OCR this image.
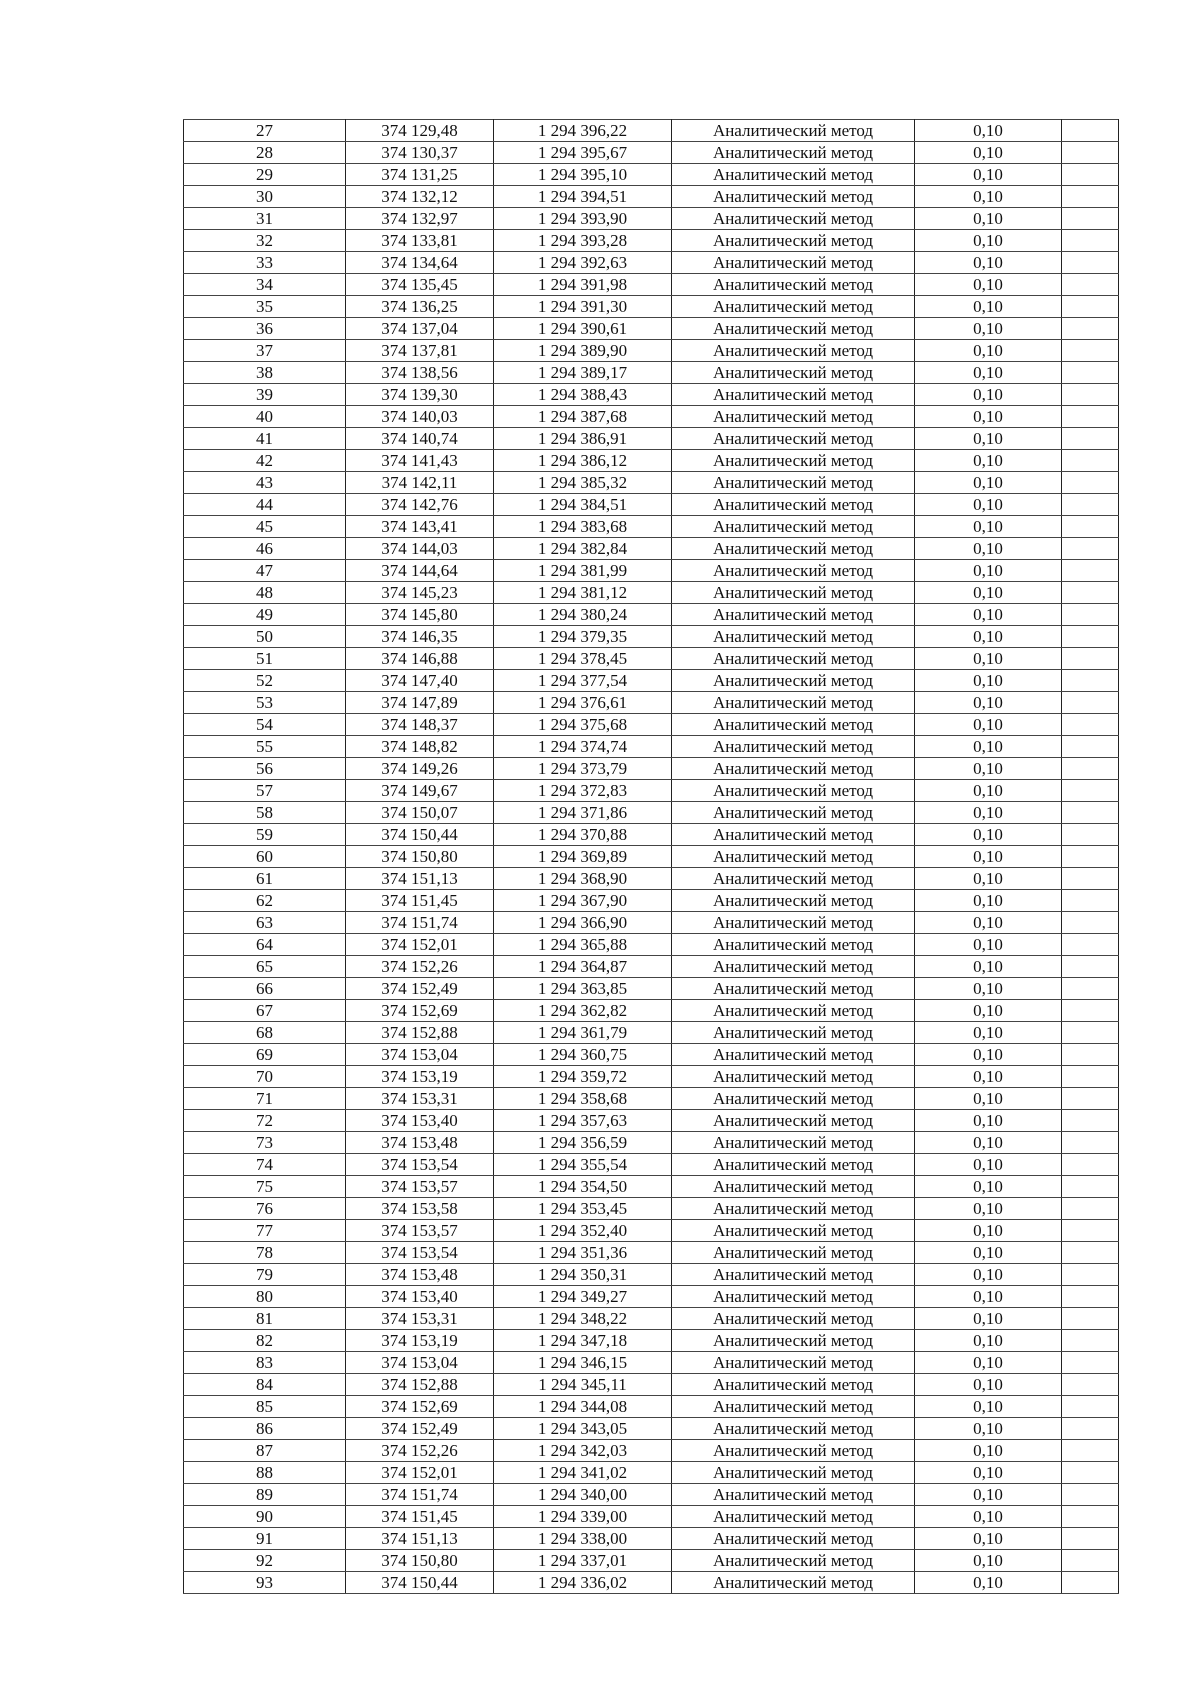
27	374 129,48	1 294 396,22	Аналитический метод	0,10	
28	374 130,37	1 294 395,67	Аналитический метод	0,10	
29	374 131,25	1 294 395,10	Аналитический метод	0,10	
30	374 132,12	1 294 394,51	Аналитический метод	0,10	
31	374 132,97	1 294 393,90	Аналитический метод	0,10	
32	374 133,81	1 294 393,28	Аналитический метод	0,10	
33	374 134,64	1 294 392,63	Аналитический метод	0,10	
34	374 135,45	1 294 391,98	Аналитический метод	0,10	
35	374 136,25	1 294 391,30	Аналитический метод	0,10	
36	374 137,04	1 294 390,61	Аналитический метод	0,10	
37	374 137,81	1 294 389,90	Аналитический метод	0,10	
38	374 138,56	1 294 389,17	Аналитический метод	0,10	
39	374 139,30	1 294 388,43	Аналитический метод	0,10	
40	374 140,03	1 294 387,68	Аналитический метод	0,10	
41	374 140,74	1 294 386,91	Аналитический метод	0,10	
42	374 141,43	1 294 386,12	Аналитический метод	0,10	
43	374 142,11	1 294 385,32	Аналитический метод	0,10	
44	374 142,76	1 294 384,51	Аналитический метод	0,10	
45	374 143,41	1 294 383,68	Аналитический метод	0,10	
46	374 144,03	1 294 382,84	Аналитический метод	0,10	
47	374 144,64	1 294 381,99	Аналитический метод	0,10	
48	374 145,23	1 294 381,12	Аналитический метод	0,10	
49	374 145,80	1 294 380,24	Аналитический метод	0,10	
50	374 146,35	1 294 379,35	Аналитический метод	0,10	
51	374 146,88	1 294 378,45	Аналитический метод	0,10	
52	374 147,40	1 294 377,54	Аналитический метод	0,10	
53	374 147,89	1 294 376,61	Аналитический метод	0,10	
54	374 148,37	1 294 375,68	Аналитический метод	0,10	
55	374 148,82	1 294 374,74	Аналитический метод	0,10	
56	374 149,26	1 294 373,79	Аналитический метод	0,10	
57	374 149,67	1 294 372,83	Аналитический метод	0,10	
58	374 150,07	1 294 371,86	Аналитический метод	0,10	
59	374 150,44	1 294 370,88	Аналитический метод	0,10	
60	374 150,80	1 294 369,89	Аналитический метод	0,10	
61	374 151,13	1 294 368,90	Аналитический метод	0,10	
62	374 151,45	1 294 367,90	Аналитический метод	0,10	
63	374 151,74	1 294 366,90	Аналитический метод	0,10	
64	374 152,01	1 294 365,88	Аналитический метод	0,10	
65	374 152,26	1 294 364,87	Аналитический метод	0,10	
66	374 152,49	1 294 363,85	Аналитический метод	0,10	
67	374 152,69	1 294 362,82	Аналитический метод	0,10	
68	374 152,88	1 294 361,79	Аналитический метод	0,10	
69	374 153,04	1 294 360,75	Аналитический метод	0,10	
70	374 153,19	1 294 359,72	Аналитический метод	0,10	
71	374 153,31	1 294 358,68	Аналитический метод	0,10	
72	374 153,40	1 294 357,63	Аналитический метод	0,10	
73	374 153,48	1 294 356,59	Аналитический метод	0,10	
74	374 153,54	1 294 355,54	Аналитический метод	0,10	
75	374 153,57	1 294 354,50	Аналитический метод	0,10	
76	374 153,58	1 294 353,45	Аналитический метод	0,10	
77	374 153,57	1 294 352,40	Аналитический метод	0,10	
78	374 153,54	1 294 351,36	Аналитический метод	0,10	
79	374 153,48	1 294 350,31	Аналитический метод	0,10	
80	374 153,40	1 294 349,27	Аналитический метод	0,10	
81	374 153,31	1 294 348,22	Аналитический метод	0,10	
82	374 153,19	1 294 347,18	Аналитический метод	0,10	
83	374 153,04	1 294 346,15	Аналитический метод	0,10	
84	374 152,88	1 294 345,11	Аналитический метод	0,10	
85	374 152,69	1 294 344,08	Аналитический метод	0,10	
86	374 152,49	1 294 343,05	Аналитический метод	0,10	
87	374 152,26	1 294 342,03	Аналитический метод	0,10	
88	374 152,01	1 294 341,02	Аналитический метод	0,10	
89	374 151,74	1 294 340,00	Аналитический метод	0,10	
90	374 151,45	1 294 339,00	Аналитический метод	0,10	
91	374 151,13	1 294 338,00	Аналитический метод	0,10	
92	374 150,80	1 294 337,01	Аналитический метод	0,10	
93	374 150,44	1 294 336,02	Аналитический метод	0,10	
